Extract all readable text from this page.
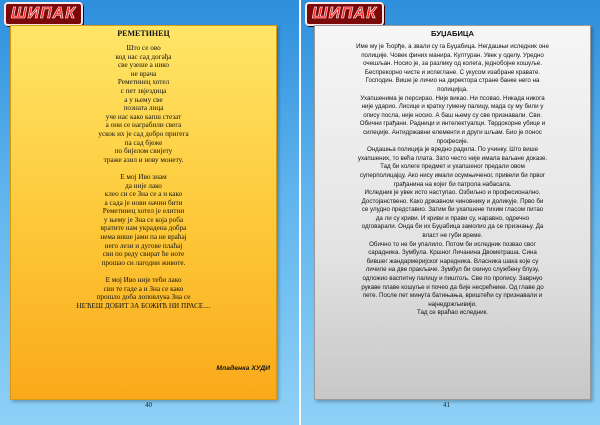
ШИПАК
РЕМЕТИНЕЦ
Што се ово
код нас сад догађа
све узеше а нико
не врача
Реметинец хотел
с пет звјездица
а у њему све
позната лица
уче нас како капш стезат
а они се награбили свега
ускок их је сад добро пригега
па сад бјеже
по бијелом свијету
траже азил и нову монету.
Е мој Иво знам
да није лако
клео си се Зна се а н како
а сада је нови начин бити
Реметинец хотел је елитни
у њему је Зна се која роба
вратите нам украдена добра
нема више јами па не враћај
него лези и дугове плаћај
сви по реду свират ће ноте
прошао си лагодни животе.
Е мој Иво није теби лако
сви те гаде а и Зна се како
прошло доба лоповлука Зна се
НЕЋЕШ ДОБИТ ЗА БОЖИЋ НИ ПРАСЕ....
Младенка ХУДИ
40
ШИПАК
БУЏАБИЦА
Име му је Ђорђе, а звали су га Буџабица. Негдашњи иследник оне
полиције. Човек финих манира. Културан. Увек у оделу. Уредно
очешљан. Носио је, за разлику од колега, једнобојне кошуље.
Беспрекорно чисте и испеглане. С укусом изабране кравате.
Господин. Више је личио на директора стране банке него на
полицијца.
Ухапшенима је персирао. Није викао. Ни псовао. Никада никога
није ударио. Лисице и кратку гумену палицу, мада су му били у
опису посла, није носио. А баш њему су све признавали. Сви.
Обични грађани. Радници и интелектуалци. Тврдокорне убице и
силеџије. Антидржавни елементи и други шљам. Био је понос
професије.
Ондашња полиција је вредно радила. По учинку. Што више
ухапшених, то већа плата. Зато често није имала ваљане доказе.
Тад би колеге предмет и ухапшеног предали овом
суперполицајцу. Ако нису имали осумњиченог, привели би првог
грађанина на којег би патрола набасала.
Иследник је увек исто наступао. Озбиљно и професионално.
Достојанствено. Како државном чиновнику и доликује. Прво би
се улудно представио. Затим би ухапшене тихим гласом питао
да ли су криви. И криви и прави су, наравно, одречно
одговарали. Онда би их Буџабица замолио да се признању. Да
власт не губи време.
Обично то не би упалило. Потом би иследник позвао свог
сарадника. Зумбула. Кршног Личанина Двометраша. Сина
бившег жандармеријског наредника. Власника шака које су
личиле на две пракљаче. Зумбул би скинуо службену блузу,
одложио васпитну палицу и пиштољ. Све по пропису. Заврнуо
рукаве плаве кошуље и почео да бије несрећнике. Од главе до
пете. После пет минута батињања, вриштећи су признавали и
најнедржљивији.
Тад се враћао иследник.
41
